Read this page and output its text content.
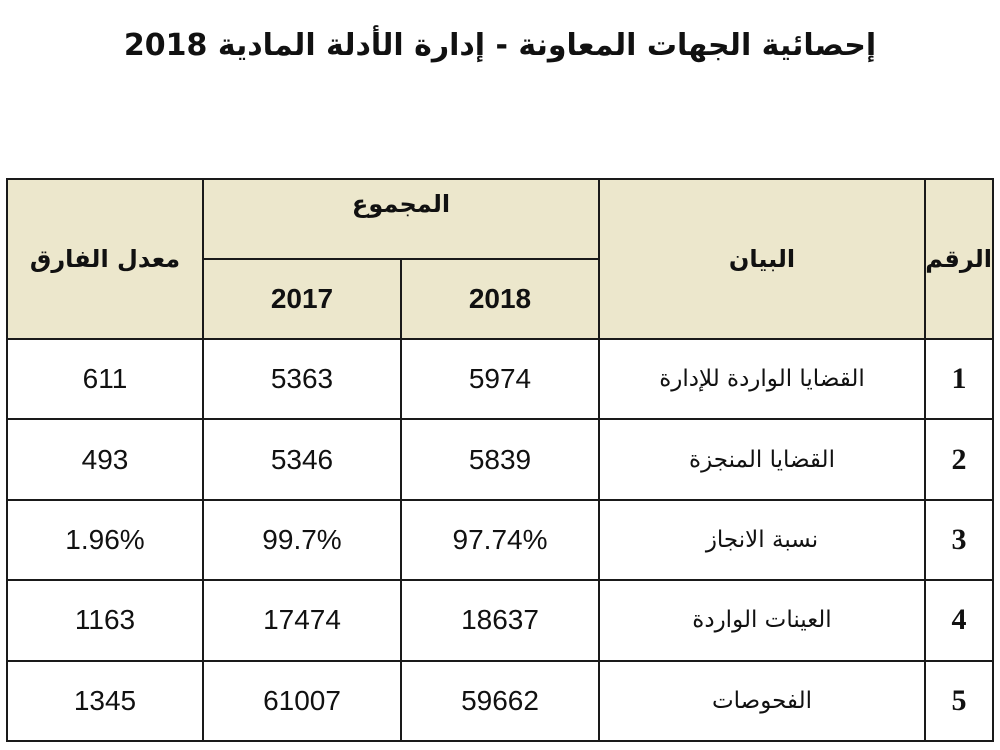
إحصائية الجهات المعاونة - إدارة الأدلة المادية 2018
الرقم	البيان	المجموع		معدل الفارق
		2018	2017	
1	القضايا الواردة للإدارة	5974	5363	611
2	القضايا المنجزة	5839	5346	493
3	نسبة الانجاز	97.74%	99.7%	1.96%
4	العينات الواردة	18637	17474	1163
5	الفحوصات	59662	61007	1345
